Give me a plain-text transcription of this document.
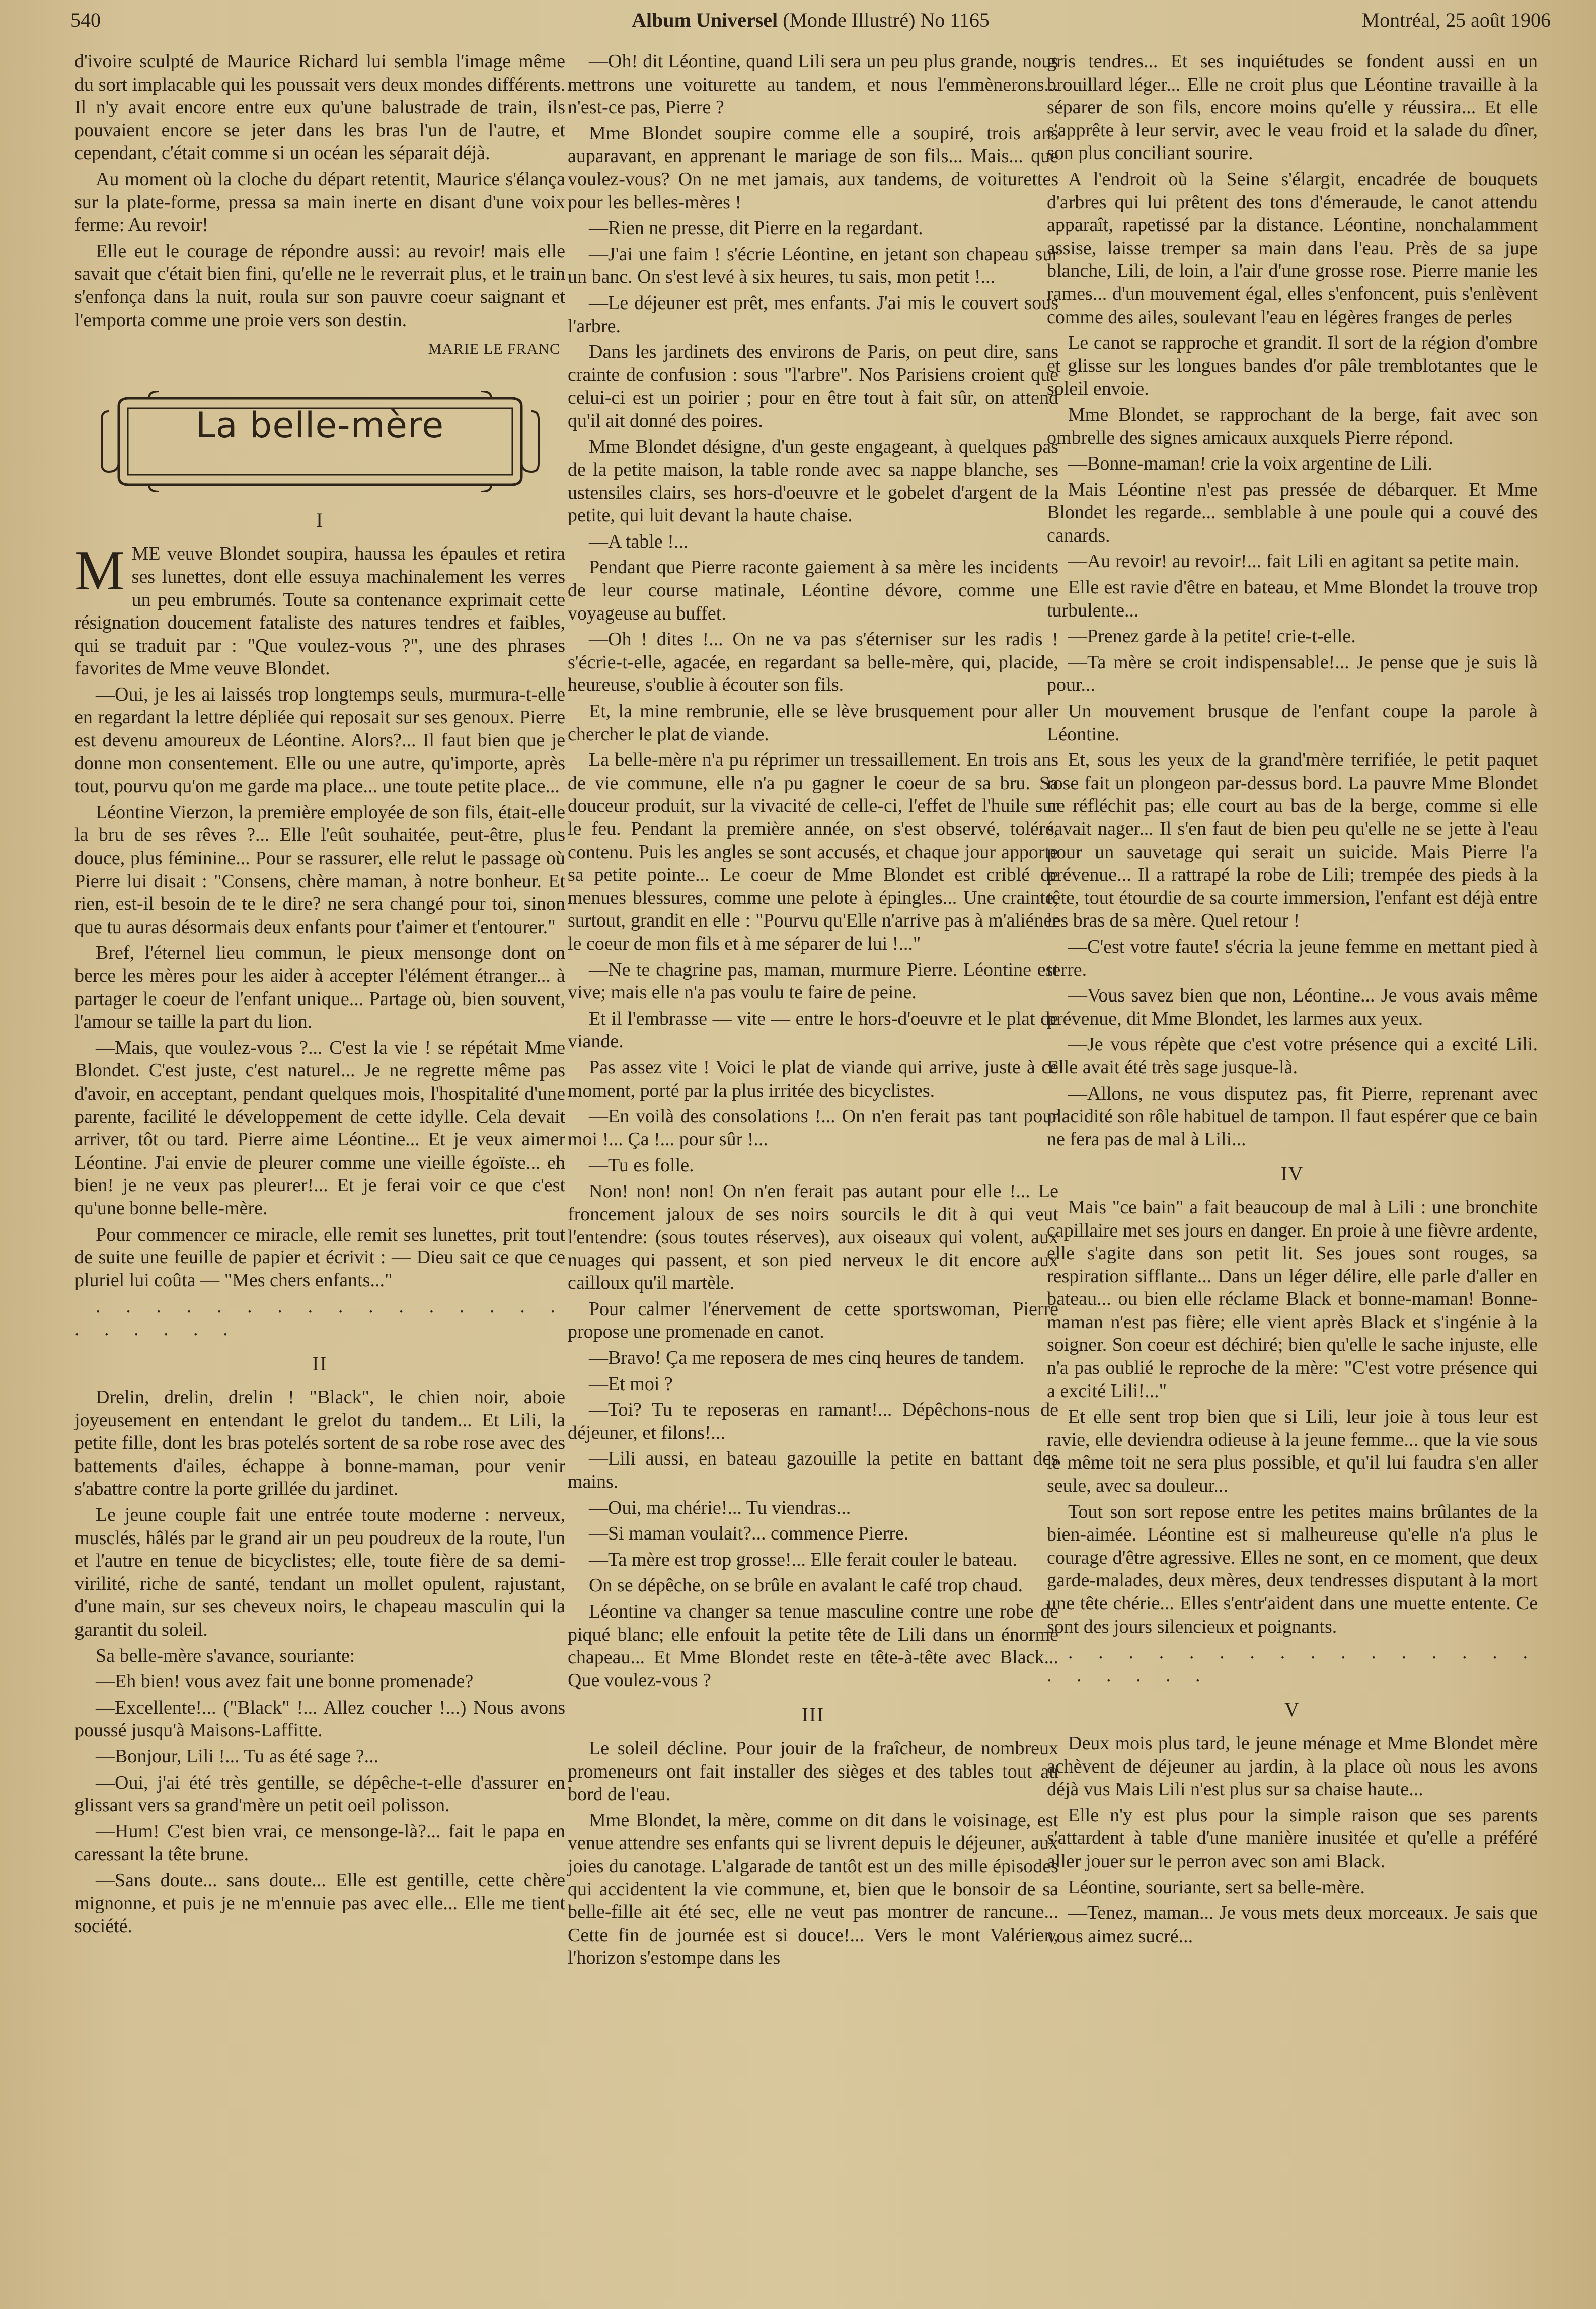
540	Album Universel (Monde Illustré) No 1165	Montréal, 25 août 1906

d'ivoire sculpté de Maurice Richard lui sembla l'image même du sort implacable qui les poussait vers deux mondes différents. Il n'y avait encore entre eux qu'une balustrade de train, ils pouvaient encore se jeter dans les bras l'un de l'autre, et cependant, c'était comme si un océan les séparait déjà.

Au moment où la cloche du départ retentit, Maurice s'élança sur la plate-forme, pressa sa main inerte en disant d'une voix ferme: Au revoir!

Elle eut le courage de répondre aussi: au revoir! mais elle savait que c'était bien fini, qu'elle ne le reverrait plus, et le train s'enfonça dans la nuit, roula sur son pauvre coeur saignant et l'emporta comme une proie vers son destin.

MARIE LE FRANC
La belle-mère
I

MME veuve Blondet soupira, haussa les épaules et retira ses lunettes, dont elle essuya machinalement les verres un peu embrumés. Toute sa contenance exprimait cette résignation doucement fataliste des natures tendres et faibles, qui se traduit par : "Que voulez-vous ?", une des phrases favorites de Mme veuve Blondet.

—Oui, je les ai laissés trop longtemps seuls, murmura-t-elle en regardant la lettre dépliée qui reposait sur ses genoux. Pierre est devenu amoureux de Léontine. Alors?... Il faut bien que je donne mon consentement. Elle ou une autre, qu'importe, après tout, pourvu qu'on me garde ma place... une toute petite place...

Léontine Vierzon, la première employée de son fils, était-elle la bru de ses rêves ?... Elle l'eût souhaitée, peut-être, plus douce, plus féminine... Pour se rassurer, elle relut le passage où Pierre lui disait : "Consens, chère maman, à notre bonheur. Et rien, est-il besoin de te le dire? ne sera changé pour toi, sinon que tu auras désormais deux enfants pour t'aimer et t'entourer."

Bref, l'éternel lieu commun, le pieux mensonge dont on berce les mères pour les aider à accepter l'élément étranger... à partager le coeur de l'enfant unique... Partage où, bien souvent, l'amour se taille la part du lion.

—Mais, que voulez-vous ?... C'est la vie ! se répétait Mme Blondet. C'est juste, c'est naturel... Je ne regrette même pas d'avoir, en acceptant, pendant quelques mois, l'hospitalité d'une parente, facilité le développement de cette idylle. Cela devait arriver, tôt ou tard. Pierre aime Léontine... Et je veux aimer Léontine. J'ai envie de pleurer comme une vieille égoïste... eh bien! je ne veux pas pleurer!... Et je ferai voir ce que c'est qu'une bonne belle-mère.

Pour commencer ce miracle, elle remit ses lunettes, prit tout de suite une feuille de papier et écrivit : — Dieu sait ce que ce pluriel lui coûta — "Mes chers enfants..."

. . . . . . . . . . . . . . . . . . . . . .

II

Drelin, drelin, drelin ! "Black", le chien noir, aboie joyeusement en entendant le grelot du tandem... Et Lili, la petite fille, dont les bras potelés sortent de sa robe rose avec des battements d'ailes, échappe à bonne-maman, pour venir s'abattre contre la porte grillée du jardinet.

Le jeune couple fait une entrée toute moderne : nerveux, musclés, hâlés par le grand air un peu poudreux de la route, l'un et l'autre en tenue de bicyclistes; elle, toute fière de sa demi-virilité, riche de santé, tendant un mollet opulent, rajustant, d'une main, sur ses cheveux noirs, le chapeau masculin qui la garantit du soleil.

Sa belle-mère s'avance, souriante:

—Eh bien! vous avez fait une bonne promenade?

—Excellente!... ("Black" !... Allez coucher !...) Nous avons poussé jusqu'à Maisons-Laffitte.

—Bonjour, Lili !... Tu as été sage ?...

—Oui, j'ai été très gentille, se dépêche-t-elle d'assurer en glissant vers sa grand'mère un petit oeil polisson.

—Hum! C'est bien vrai, ce mensonge-là?... fait le papa en caressant la tête brune.

—Sans doute... sans doute... Elle est gentille, cette chère mignonne, et puis je ne m'ennuie pas avec elle... Elle me tient société.

—Oh! dit Léontine, quand Lili sera un peu plus grande, nous mettrons une voiturette au tandem, et nous l'emmènerons... n'est-ce pas, Pierre ?

Mme Blondet soupire comme elle a soupiré, trois ans auparavant, en apprenant le mariage de son fils... Mais... que voulez-vous? On ne met jamais, aux tandems, de voiturettes pour les belles-mères !

—Rien ne presse, dit Pierre en la regardant.

—J'ai une faim ! s'écrie Léontine, en jetant son chapeau sur un banc. On s'est levé à six heures, tu sais, mon petit !...

—Le déjeuner est prêt, mes enfants. J'ai mis le couvert sous l'arbre.

Dans les jardinets des environs de Paris, on peut dire, sans crainte de confusion : sous "l'arbre". Nos Parisiens croient que celui-ci est un poirier ; pour en être tout à fait sûr, on attend qu'il ait donné des poires.

Mme Blondet désigne, d'un geste engageant, à quelques pas de la petite maison, la table ronde avec sa nappe blanche, ses ustensiles clairs, ses hors-d'oeuvre et le gobelet d'argent de la petite, qui luit devant la haute chaise.

—A table !...

Pendant que Pierre raconte gaiement à sa mère les incidents de leur course matinale, Léontine dévore, comme une voyageuse au buffet.

—Oh ! dites !... On ne va pas s'éterniser sur les radis ! s'écrie-t-elle, agacée, en regardant sa belle-mère, qui, placide, heureuse, s'oublie à écouter son fils.

Et, la mine rembrunie, elle se lève brusquement pour aller chercher le plat de viande.

La belle-mère n'a pu réprimer un tressaillement. En trois ans de vie commune, elle n'a pu gagner le coeur de sa bru. Sa douceur produit, sur la vivacité de celle-ci, l'effet de l'huile sur le feu. Pendant la première année, on s'est observé, toléré, contenu. Puis les angles se sont accusés, et chaque jour apporte sa petite pointe... Le coeur de Mme Blondet est criblé de menues blessures, comme une pelote à épingles... Une crainte, surtout, grandit en elle : "Pourvu qu'Elle n'arrive pas à m'aliéner le coeur de mon fils et à me séparer de lui !..."

—Ne te chagrine pas, maman, murmure Pierre. Léontine est vive; mais elle n'a pas voulu te faire de peine.

Et il l'embrasse — vite — entre le hors-d'oeuvre et le plat de viande.

Pas assez vite ! Voici le plat de viande qui arrive, juste à ce moment, porté par la plus irritée des bicyclistes.

—En voilà des consolations !... On n'en ferait pas tant pour moi !... Ça !... pour sûr !...

—Tu es folle.

Non! non! non! On n'en ferait pas autant pour elle !... Le froncement jaloux de ses noirs sourcils le dit à qui veut l'entendre: (sous toutes réserves), aux oiseaux qui volent, aux nuages qui passent, et son pied nerveux le dit encore aux cailloux qu'il martèle.

Pour calmer l'énervement de cette sportswoman, Pierre propose une promenade en canot.

—Bravo! Ça me reposera de mes cinq heures de tandem.

—Et moi ?

—Toi? Tu te reposeras en ramant!... Dépêchons-nous de déjeuner, et filons!...

—Lili aussi, en bateau gazouille la petite en battant des mains.

—Oui, ma chérie!... Tu viendras...

—Si maman voulait?... commence Pierre.

—Ta mère est trop grosse!... Elle ferait couler le bateau.

On se dépêche, on se brûle en avalant le café trop chaud.

Léontine va changer sa tenue masculine contre une robe de piqué blanc; elle enfouit la petite tête de Lili dans un énorme chapeau... Et Mme Blondet reste en tête-à-tête avec Black... Que voulez-vous ?

III

Le soleil décline. Pour jouir de la fraîcheur, de nombreux promeneurs ont fait installer des sièges et des tables tout au bord de l'eau.

Mme Blondet, la mère, comme on dit dans le voisinage, est venue attendre ses enfants qui se livrent depuis le déjeuner, aux joies du canotage. L'algarade de tantôt est un des mille épisodes qui accidentent la vie commune, et, bien que le bonsoir de sa belle-fille ait été sec, elle ne veut pas montrer de rancune... Cette fin de journée est si douce!... Vers le mont Valérien, l'horizon s'estompe dans les

gris tendres... Et ses inquiétudes se fondent aussi en un brouillard léger... Elle ne croit plus que Léontine travaille à la séparer de son fils, encore moins qu'elle y réussira... Et elle s'apprête à leur servir, avec le veau froid et la salade du dîner, son plus conciliant sourire.

A l'endroit où la Seine s'élargit, encadrée de bouquets d'arbres qui lui prêtent des tons d'émeraude, le canot attendu apparaît, rapetissé par la distance. Léontine, nonchalamment assise, laisse tremper sa main dans l'eau. Près de sa jupe blanche, Lili, de loin, a l'air d'une grosse rose. Pierre manie les rames... d'un mouvement égal, elles s'enfoncent, puis s'enlèvent comme des ailes, soulevant l'eau en légères franges de perles

Le canot se rapproche et grandit. Il sort de la région d'ombre et glisse sur les longues bandes d'or pâle tremblotantes que le soleil envoie.

Mme Blondet, se rapprochant de la berge, fait avec son ombrelle des signes amicaux auxquels Pierre répond.

—Bonne-maman! crie la voix argentine de Lili.

Mais Léontine n'est pas pressée de débarquer. Et Mme Blondet les regarde... semblable à une poule qui a couvé des canards.

—Au revoir! au revoir!... fait Lili en agitant sa petite main.

Elle est ravie d'être en bateau, et Mme Blondet la trouve trop turbulente...

—Prenez garde à la petite! crie-t-elle.

—Ta mère se croit indispensable!... Je pense que je suis là pour...

Un mouvement brusque de l'enfant coupe la parole à Léontine.

Et, sous les yeux de la grand'mère terrifiée, le petit paquet rose fait un plongeon par-dessus bord. La pauvre Mme Blondet ne réfléchit pas; elle court au bas de la berge, comme si elle savait nager... Il s'en faut de bien peu qu'elle ne se jette à l'eau pour un sauvetage qui serait un suicide. Mais Pierre l'a prévenue... Il a rattrapé la robe de Lili; trempée des pieds à la tête, tout étourdie de sa courte immersion, l'enfant est déjà entre les bras de sa mère. Quel retour !

—C'est votre faute! s'écria la jeune femme en mettant pied à terre.

—Vous savez bien que non, Léontine... Je vous avais même prévenue, dit Mme Blondet, les larmes aux yeux.

—Je vous répète que c'est votre présence qui a excité Lili. Elle avait été très sage jusque-là.

—Allons, ne vous disputez pas, fit Pierre, reprenant avec placidité son rôle habituel de tampon. Il faut espérer que ce bain ne fera pas de mal à Lili...

IV

Mais "ce bain" a fait beaucoup de mal à Lili : une bronchite capillaire met ses jours en danger. En proie à une fièvre ardente, elle s'agite dans son petit lit. Ses joues sont rouges, sa respiration sifflante... Dans un léger délire, elle parle d'aller en bateau... ou bien elle réclame Black et bonne-maman! Bonne-maman n'est pas fière; elle vient après Black et s'ingénie à la soigner. Son coeur est déchiré; bien qu'elle le sache injuste, elle n'a pas oublié le reproche de la mère: "C'est votre présence qui a excité Lili!..."

Et elle sent trop bien que si Lili, leur joie à tous leur est ravie, elle deviendra odieuse à la jeune femme... que la vie sous le même toit ne sera plus possible, et qu'il lui faudra s'en aller seule, avec sa douleur...

Tout son sort repose entre les petites mains brûlantes de la bien-aimée. Léontine est si malheureuse qu'elle n'a plus le courage d'être agressive. Elles ne sont, en ce moment, que deux garde-malades, deux mères, deux tendresses disputant à la mort une tête chérie... Elles s'entr'aident dans une muette entente. Ce sont des jours silencieux et poignants.

. . . . . . . . . . . . . . . . . . . . . .

V

Deux mois plus tard, le jeune ménage et Mme Blondet mère achèvent de déjeuner au jardin, à la place où nous les avons déjà vus Mais Lili n'est plus sur sa chaise haute...

Elle n'y est plus pour la simple raison que ses parents s'attardent à table d'une manière inusitée et qu'elle a préféré aller jouer sur le perron avec son ami Black.

Léontine, souriante, sert sa belle-mère.

—Tenez, maman... Je vous mets deux morceaux. Je sais que vous aimez sucré...
